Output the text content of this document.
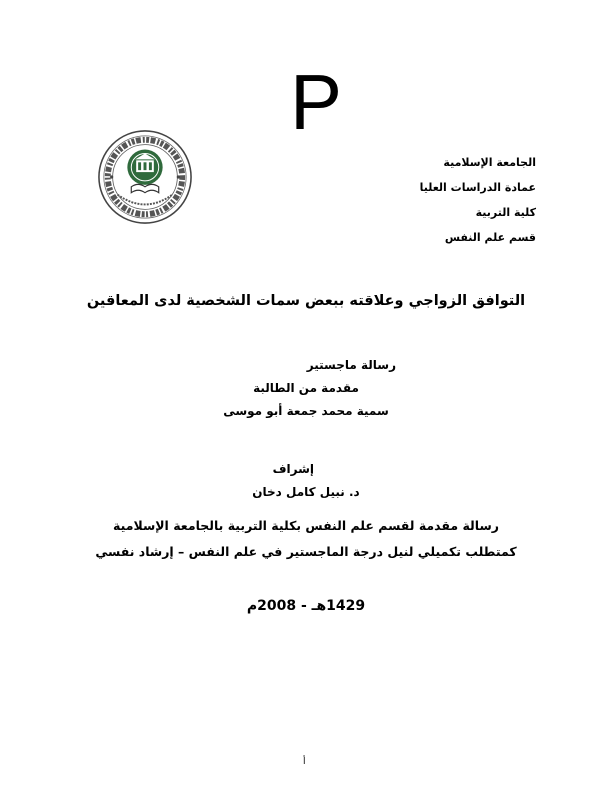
P
الجامعة الإسلامية
عمادة الدراسات العليا
كلية التربية
قسم علم النفس
التوافق الزواجي وعلاقته ببعض سمات الشخصية لدى المعاقين
رسالة ماجستير
مقدمة من الطالبة
سمية محمد جمعة أبو موسى
إشراف
د. نبيل كامل دخان
رسالة مقدمة لقسم علم النفس بكلية التربية بالجامعة الإسلامية
كمتطلب تكميلي لنيل درجة الماجستير في علم النفس – إرشاد نفسي
1429هـ - 2008م
أ
